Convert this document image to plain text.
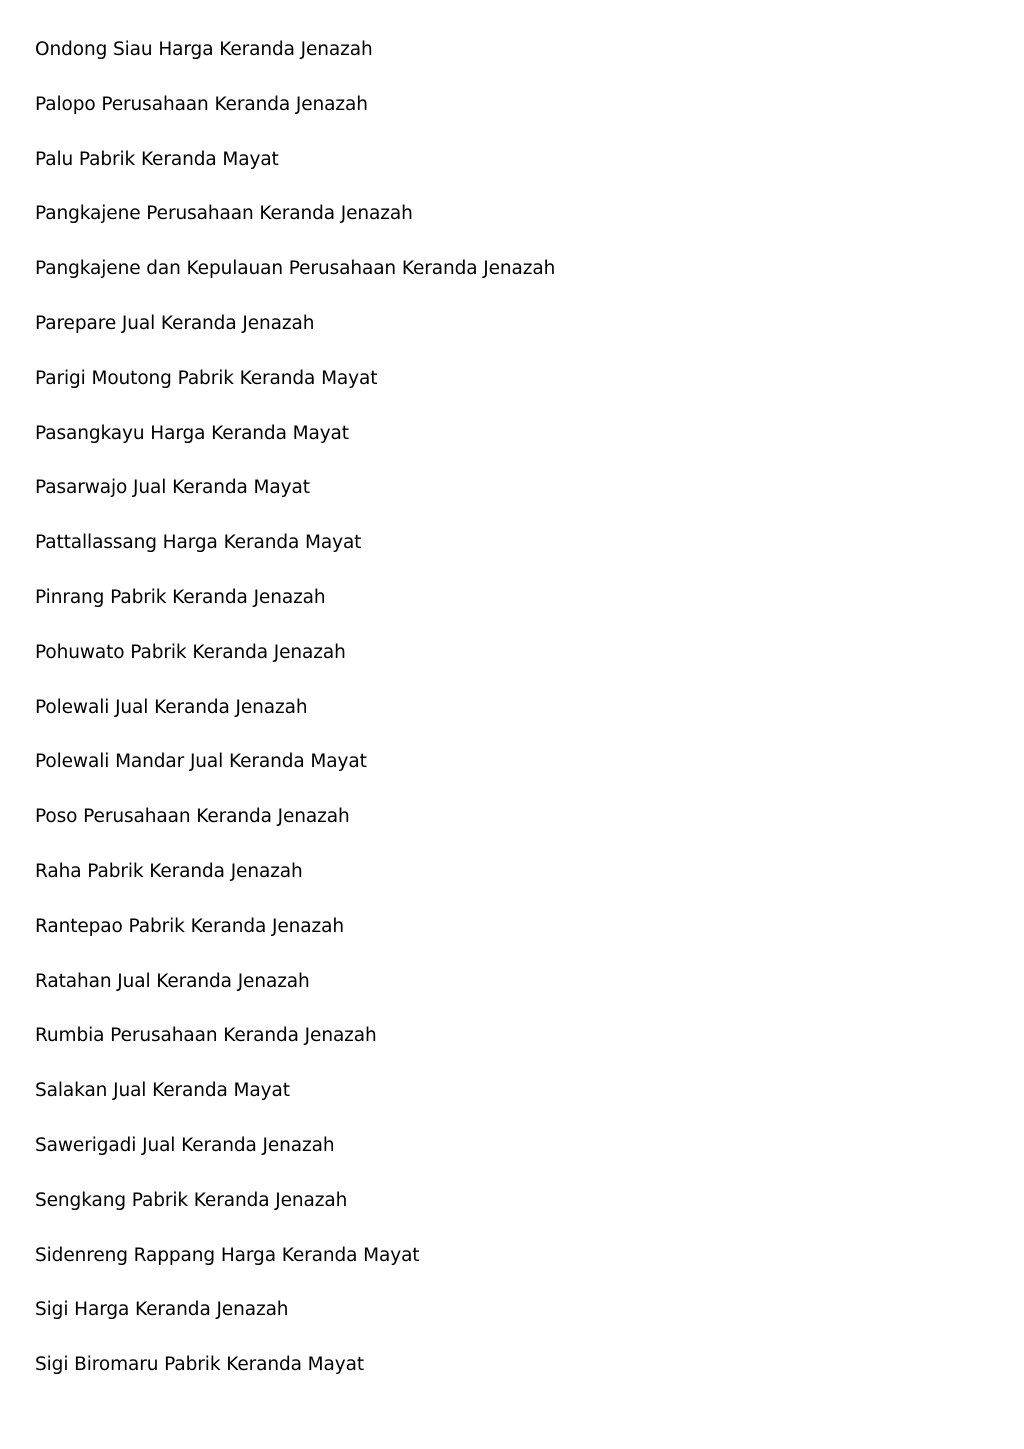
Ondong Siau Harga Keranda Jenazah
Palopo Perusahaan Keranda Jenazah
Palu Pabrik Keranda Mayat
Pangkajene Perusahaan Keranda Jenazah
Pangkajene dan Kepulauan Perusahaan Keranda Jenazah
Parepare Jual Keranda Jenazah
Parigi Moutong Pabrik Keranda Mayat
Pasangkayu Harga Keranda Mayat
Pasarwajo Jual Keranda Mayat
Pattallassang Harga Keranda Mayat
Pinrang Pabrik Keranda Jenazah
Pohuwato Pabrik Keranda Jenazah
Polewali Jual Keranda Jenazah
Polewali Mandar Jual Keranda Mayat
Poso Perusahaan Keranda Jenazah
Raha Pabrik Keranda Jenazah
Rantepao Pabrik Keranda Jenazah
Ratahan Jual Keranda Jenazah
Rumbia Perusahaan Keranda Jenazah
Salakan Jual Keranda Mayat
Sawerigadi Jual Keranda Jenazah
Sengkang Pabrik Keranda Jenazah
Sidenreng Rappang Harga Keranda Mayat
Sigi Harga Keranda Jenazah
Sigi Biromaru Pabrik Keranda Mayat
